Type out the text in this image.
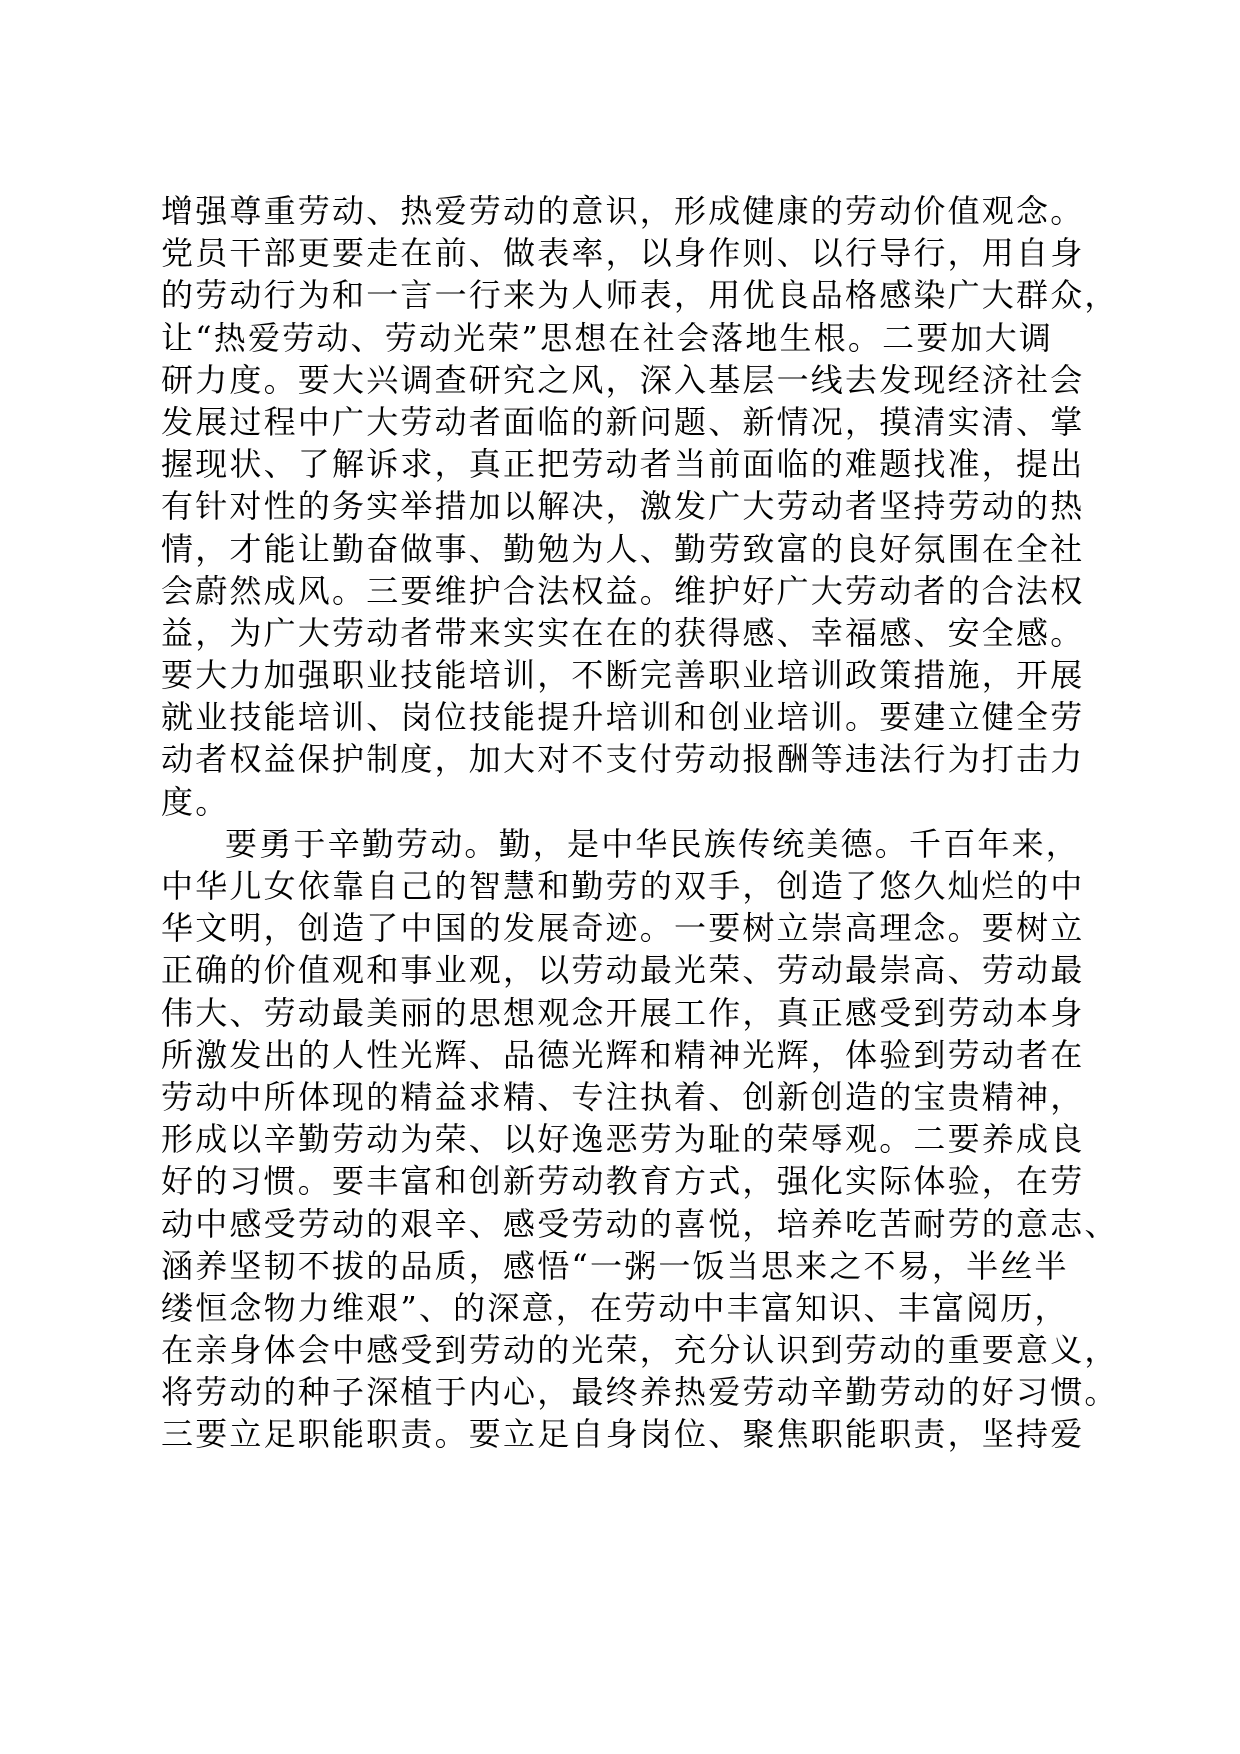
增强尊重劳动、热爱劳动的意识，形成健康的劳动价值观念。
党员干部更要走在前、做表率，以身作则、以行导行，用自身
的劳动行为和一言一行来为人师表，用优良品格感染广大群众，
让“热爱劳动、劳动光荣”思想在社会落地生根。二要加大调
研力度。要大兴调查研究之风，深入基层一线去发现经济社会
发展过程中广大劳动者面临的新问题、新情况，摸清实清、掌
握现状、了解诉求，真正把劳动者当前面临的难题找准，提出
有针对性的务实举措加以解决，激发广大劳动者坚持劳动的热
情，才能让勤奋做事、勤勉为人、勤劳致富的良好氛围在全社
会蔚然成风。三要维护合法权益。维护好广大劳动者的合法权
益，为广大劳动者带来实实在在的获得感、幸福感、安全感。
要大力加强职业技能培训，不断完善职业培训政策措施，开展
就业技能培训、岗位技能提升培训和创业培训。要建立健全劳
动者权益保护制度，加大对不支付劳动报酬等违法行为打击力
度。
要勇于辛勤劳动。勤，是中华民族传统美德。千百年来，
中华儿女依靠自己的智慧和勤劳的双手，创造了悠久灿烂的中
华文明，创造了中国的发展奇迹。一要树立崇高理念。要树立
正确的价值观和事业观，以劳动最光荣、劳动最崇高、劳动最
伟大、劳动最美丽的思想观念开展工作，真正感受到劳动本身
所激发出的人性光辉、品德光辉和精神光辉，体验到劳动者在
劳动中所体现的精益求精、专注执着、创新创造的宝贵精神，
形成以辛勤劳动为荣、以好逸恶劳为耻的荣辱观。二要养成良
好的习惯。要丰富和创新劳动教育方式，强化实际体验，在劳
动中感受劳动的艰辛、感受劳动的喜悦，培养吃苦耐劳的意志、
涵养坚韧不拔的品质，感悟“一粥一饭当思来之不易，半丝半
缕恒念物力维艰”、的深意，在劳动中丰富知识、丰富阅历，
在亲身体会中感受到劳动的光荣，充分认识到劳动的重要意义，
将劳动的种子深植于内心，最终养热爱劳动辛勤劳动的好习惯。
三要立足职能职责。要立足自身岗位、聚焦职能职责，坚持爱
